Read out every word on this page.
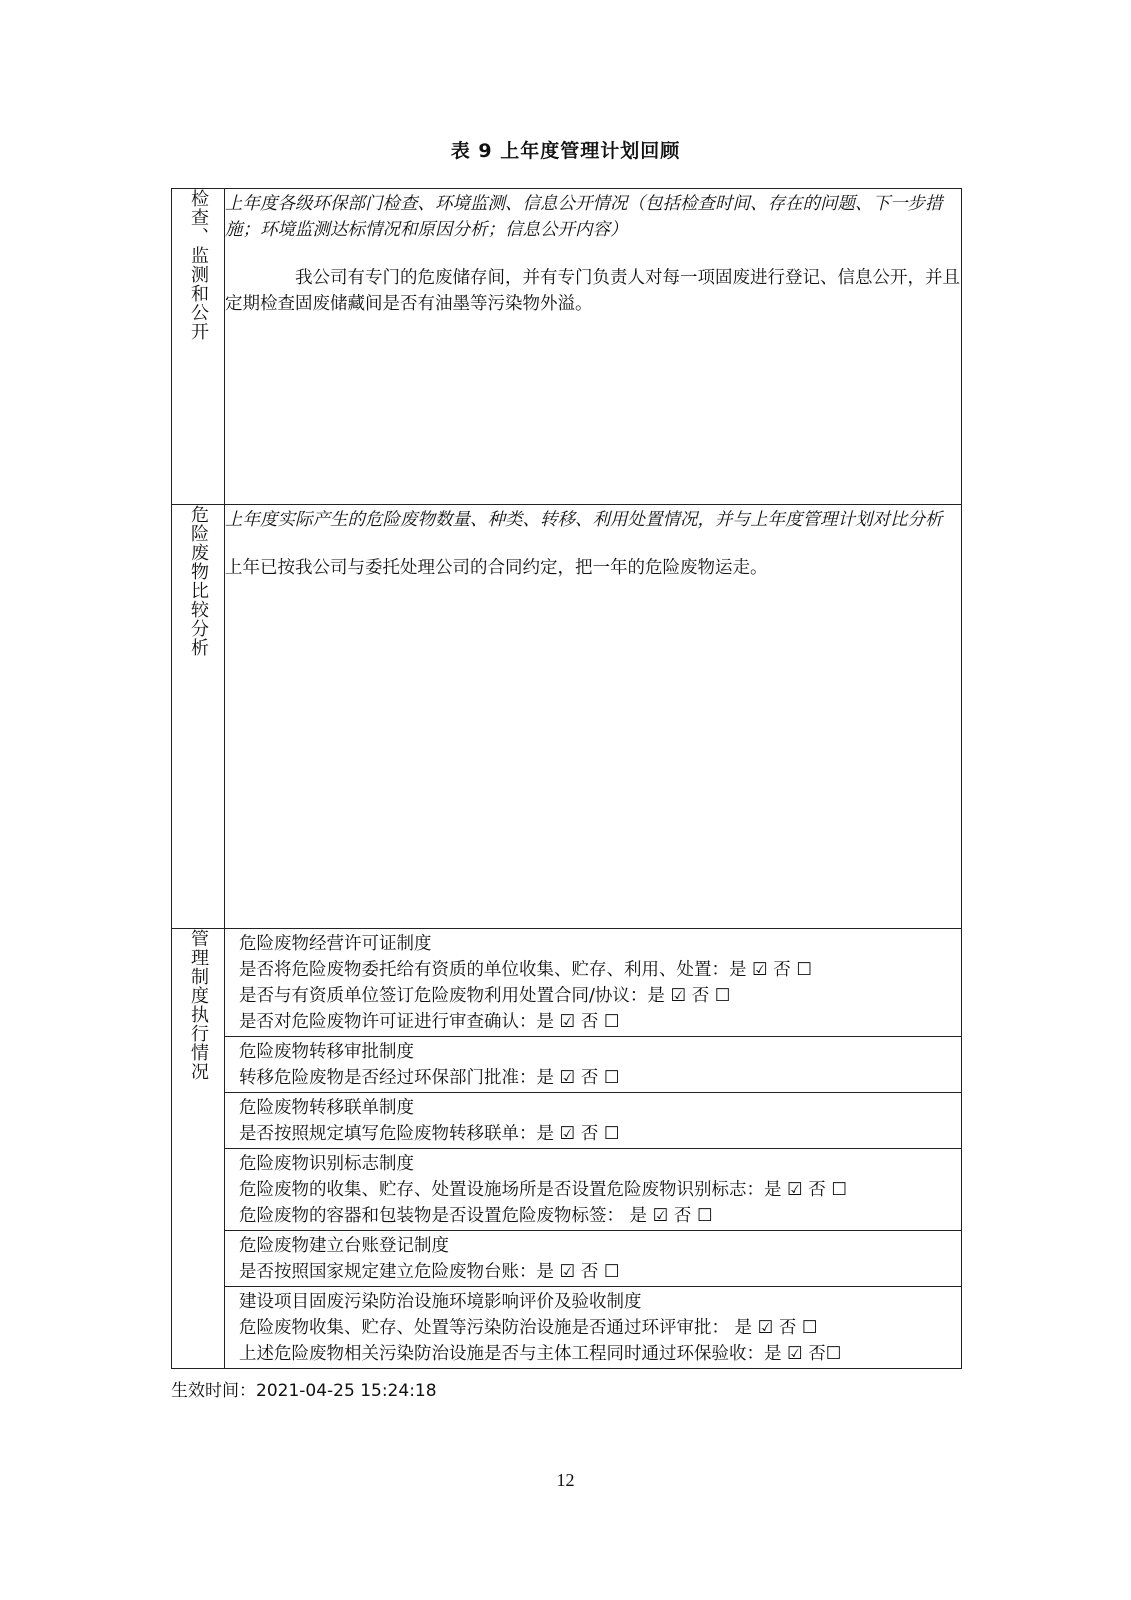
表 9 上年度管理计划回顾
检查、监测和公开	上年度各级环保部门检查、环境监测、信息公开情况（包括检查时间、存在的问题、下一步措施；环境监测达标情况和原因分析；信息公开内容）
我公司有专门的危废储存间，并有专门负责人对每一项固废进行登记、信息公开，并且定期检查固废储藏间是否有油墨等污染物外溢。

危险废物比较分析	上年度实际产生的危险废物数量、种类、转移、利用处置情况，并与上年度管理计划对比分析
上年已按我公司与委托处理公司的合同约定，把一年的危险废物运走。

管理制度执行情况	危险废物经营许可证制度
是否将危险废物委托给有资质的单位收集、贮存、利用、处置：是 ☑ 否 ☐
是否与有资质单位签订危险废物利用处置合同/协议：是 ☑ 否 ☐
是否对危险废物许可证进行审查确认：是 ☑ 否 ☐

	危险废物转移审批制度
转移危险废物是否经过环保部门批准：是 ☑ 否 ☐

	危险废物转移联单制度
是否按照规定填写危险废物转移联单：是 ☑ 否 ☐

	危险废物识别标志制度
危险废物的收集、贮存、处置设施场所是否设置危险废物识别标志：是 ☑ 否 ☐
危险废物的容器和包装物是否设置危险废物标签： 是 ☑ 否 ☐

	危险废物建立台账登记制度
是否按照国家规定建立危险废物台账：是 ☑ 否 ☐

	建设项目固废污染防治设施环境影响评价及验收制度
危险废物收集、贮存、处置等污染防治设施是否通过环评审批： 是 ☑ 否 ☐
上述危险废物相关污染防治设施是否与主体工程同时通过环保验收：是 ☑ 否☐
生效时间：2021-04-25 15:24:18
12
